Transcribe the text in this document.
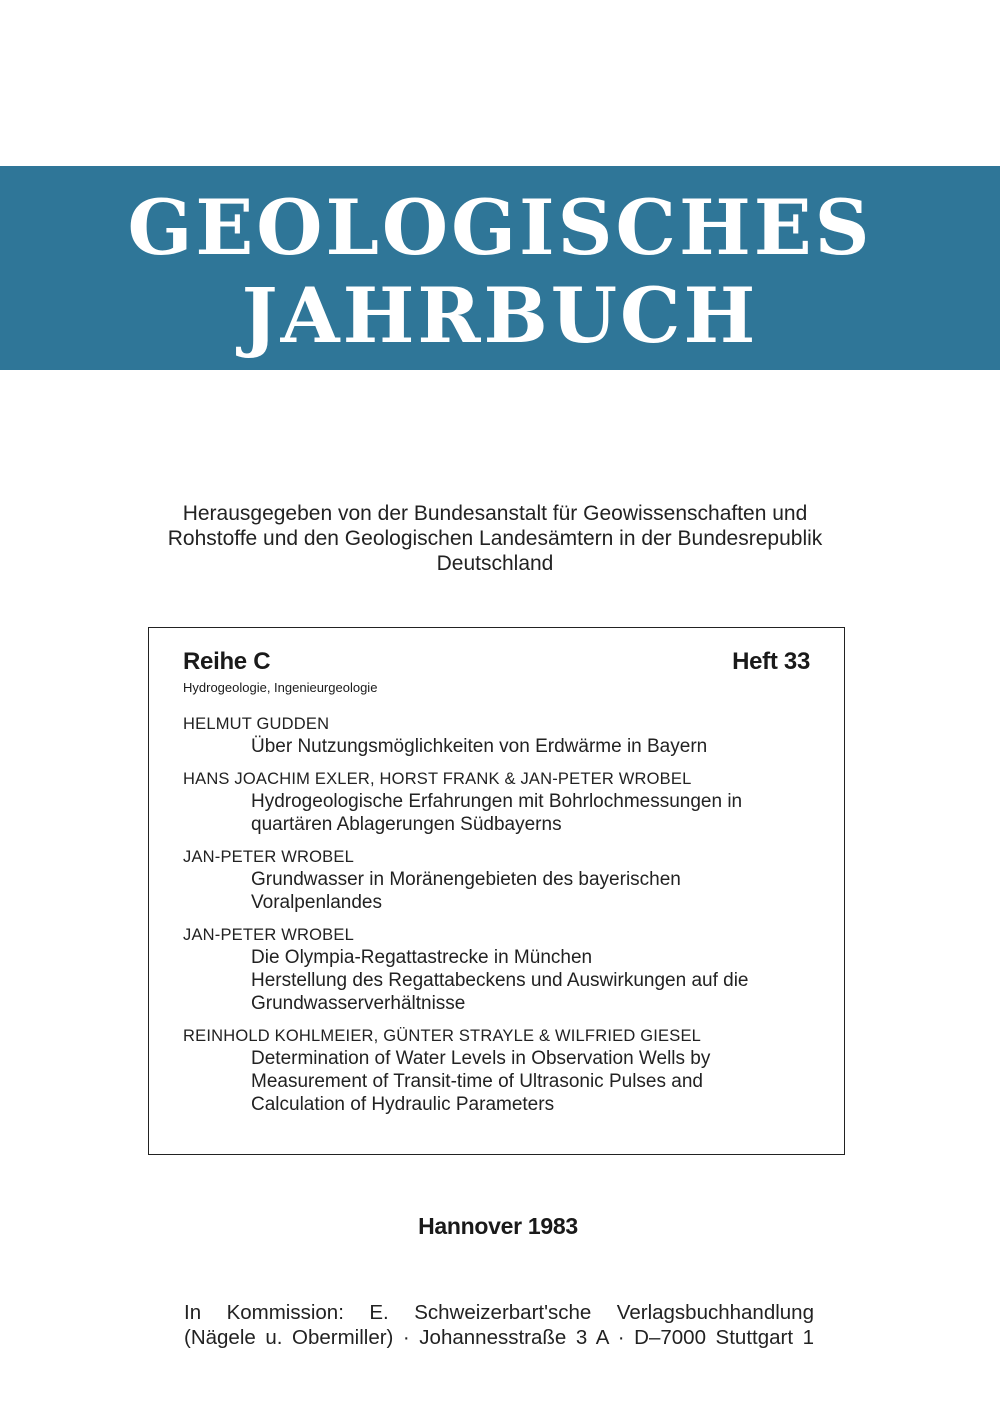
GEOLOGISCHES
JAHRBUCH
Herausgegeben von der Bundesanstalt für Geowissenschaften und
Rohstoffe und den Geologischen Landesämtern in der Bundesrepublik
Deutschland
Reihe C	Heft 33
Hydrogeologie, Ingenieurgeologie
HELMUT GUDDEN
Über Nutzungsmöglichkeiten von Erdwärme in Bayern
HANS JOACHIM EXLER, HORST FRANK & JAN-PETER WROBEL
Hydrogeologische Erfahrungen mit Bohrlochmessungen in
quartären Ablagerungen Südbayerns
JAN-PETER WROBEL
Grundwasser in Moränengebieten des bayerischen
Voralpenlandes
JAN-PETER WROBEL
Die Olympia-Regattastrecke in München
Herstellung des Regattabeckens und Auswirkungen auf die
Grundwasserverhältnisse
REINHOLD KOHLMEIER, GÜNTER STRAYLE & WILFRIED GIESEL
Determination of Water Levels in Observation Wells by
Measurement of Transit-time of Ultrasonic Pulses and
Calculation of Hydraulic Parameters
Hannover 1983
In Kommission: E. Schweizerbart'sche Verlagsbuchhandlung
(Nägele u. Obermiller) · Johannesstraße 3 A · D–7000 Stuttgart 1
